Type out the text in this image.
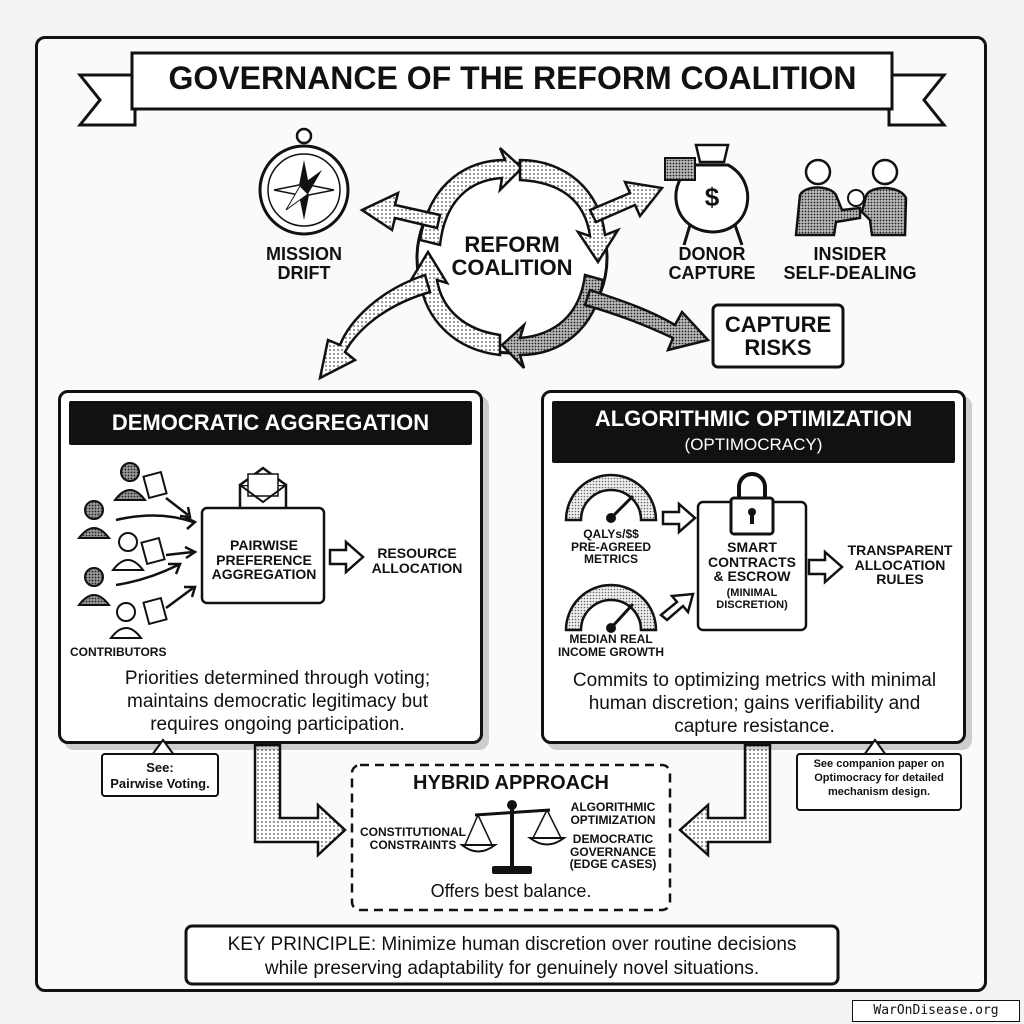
$
GOVERNANCE OF THE REFORM COALITION
REFORM
COALITION
MISSION
DRIFT
DONOR
CAPTURE
INSIDER
SELF-DEALING
CAPTURE
RISKS
DEMOCRATIC AGGREGATION
PAIRWISE
PREFERENCE
AGGREGATION
RESOURCE
ALLOCATION
CONTRIBUTORS
Priorities determined through voting; maintains democratic legitimacy but requires ongoing participation.
See:
Pairwise Voting.
ALGORITHMIC OPTIMIZATION
(OPTIMOCRACY)
QALYs/$$
PRE-AGREED
METRICS
MEDIAN REAL
INCOME GROWTH
SMART
CONTRACTS
& ESCROW
(MINIMAL
DISCRETION)
TRANSPARENT
ALLOCATION
RULES
Commits to optimizing metrics with minimal human discretion; gains verifiability and capture resistance.
See companion paper on Optimocracy for detailed mechanism design.
HYBRID APPROACH
CONSTITUTIONAL
CONSTRAINTS
ALGORITHMIC
OPTIMIZATION
DEMOCRATIC
GOVERNANCE
(EDGE CASES)
Offers best balance.
KEY PRINCIPLE: Minimize human discretion over routine decisions
while preserving adaptability for genuinely novel situations.
WarOnDisease.org
